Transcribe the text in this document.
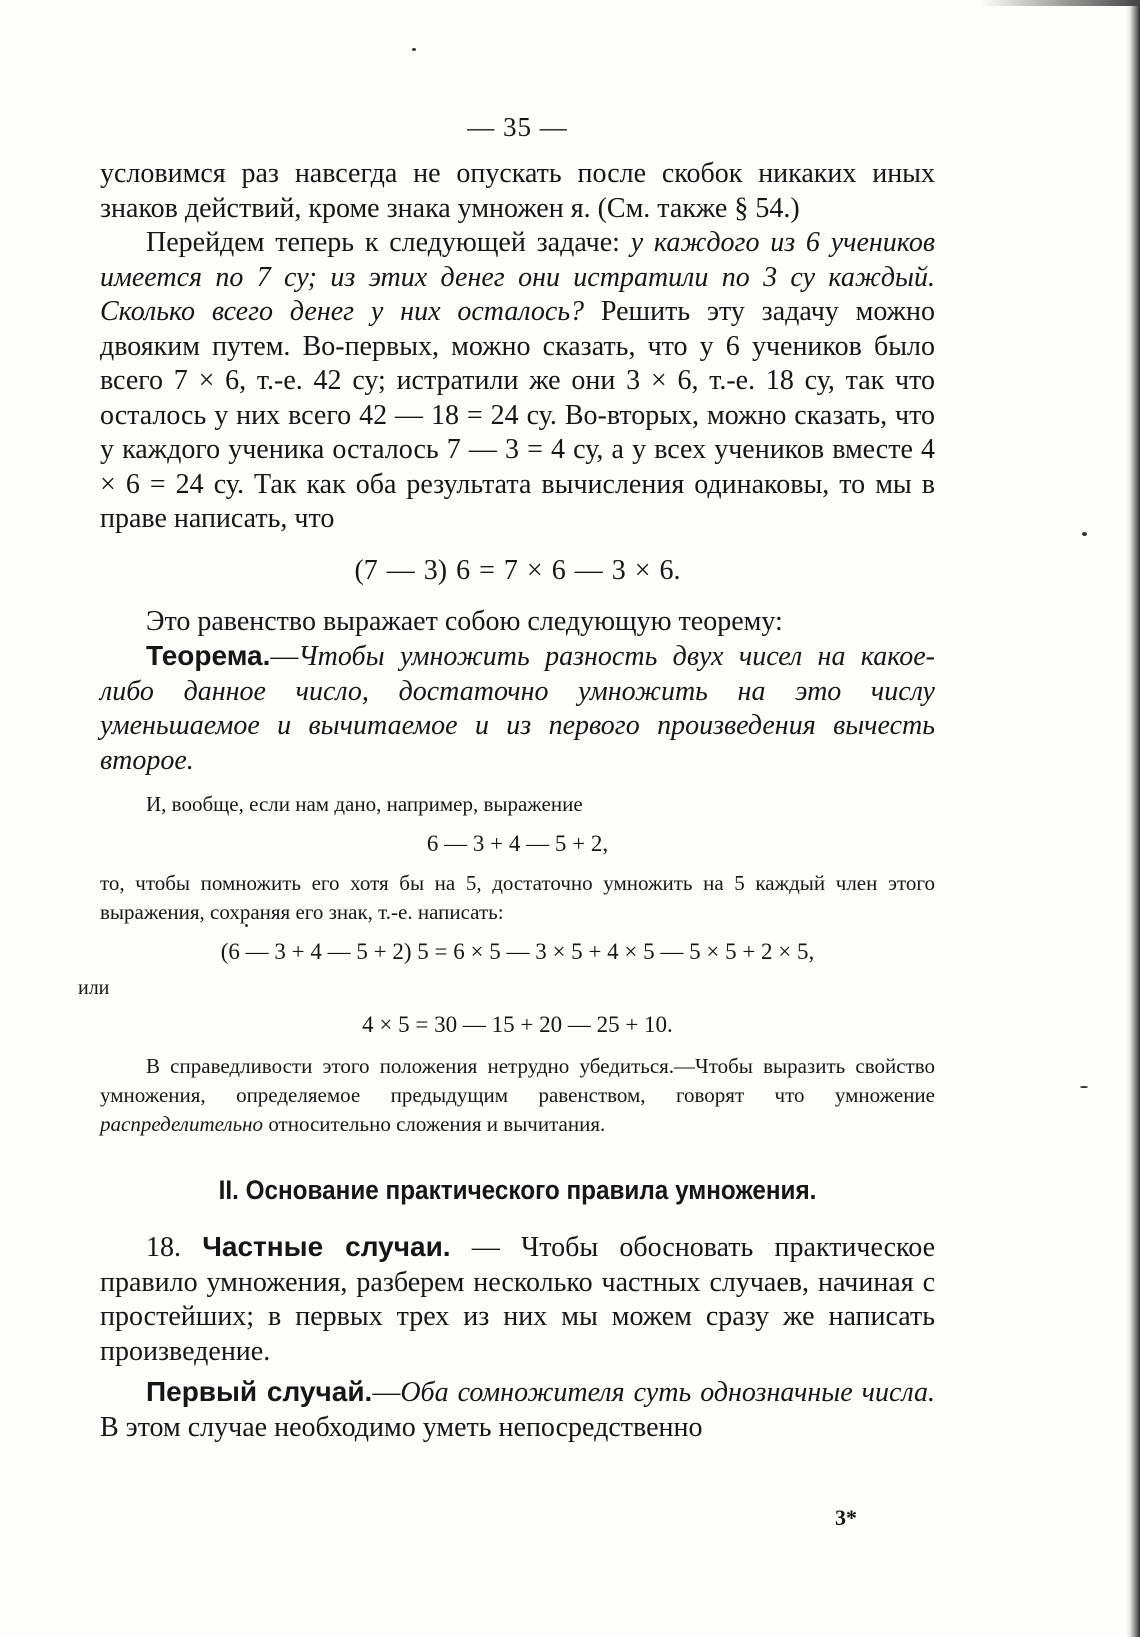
— 35 —

условимся раз навсегда не опускать после скобок никаких иных знаков действий, кроме знака умножен я. (См. также § 54.)

Перейдем теперь к следующей задаче: у каждого из 6 учеников имеется по 7 су; из этих денег они истратили по 3 су каждый. Сколько всего денег у них осталось? Решить эту задачу можно двояким путем. Во-первых, можно сказать, что у 6 учеников было всего 7 × 6, т.-е. 42 су; истратили же они 3 × 6, т.-е. 18 су, так что осталось у них всего 42 — 18 = 24 су. Во-вторых, можно сказать, что у каждого ученика осталось 7 — 3 = 4 су, а у всех учеников вместе 4 × 6 = 24 су. Так как оба результата вычисления одинаковы, то мы в праве написать, что

(7 — 3) 6 = 7 × 6 — 3 × 6.

Это равенство выражает собою следующую теорему:

Теорема.—Чтобы умножить разность двух чисел на какое-либо данное число, достаточно умножить на это числу уменьшаемое и вычитаемое и из первого произведения вычесть второе.

И, вообще, если нам дано, например, выражение

6 — 3 + 4 — 5 + 2,

то, чтобы помножить его хотя бы на 5, достаточно умножить на 5 каждый член этого выражения, сохраняя его знак, т.-е. написать:

(6 — 3 + 4 — 5 + 2) 5 = 6 × 5 — 3 × 5 + 4 × 5 — 5 × 5 + 2 × 5,
или
4 × 5 = 30 — 15 + 20 — 25 + 10.

В справедливости этого положения нетрудно убедиться.—Чтобы выразить свойство умножения, определяемое предыдущим равенством, говорят что умножение распределительно относительно сложения и вычитания.

II. Основание практического правила умножения.

18. Частные случаи. — Чтобы обосновать практическое правило умножения, разберем несколько частных случаев, начиная с простейших; в первых трех из них мы можем сразу же написать произведение.

Первый случай.—Оба сомножителя суть однозначные числа. В этом случае необходимо уметь непосредственно

3*
